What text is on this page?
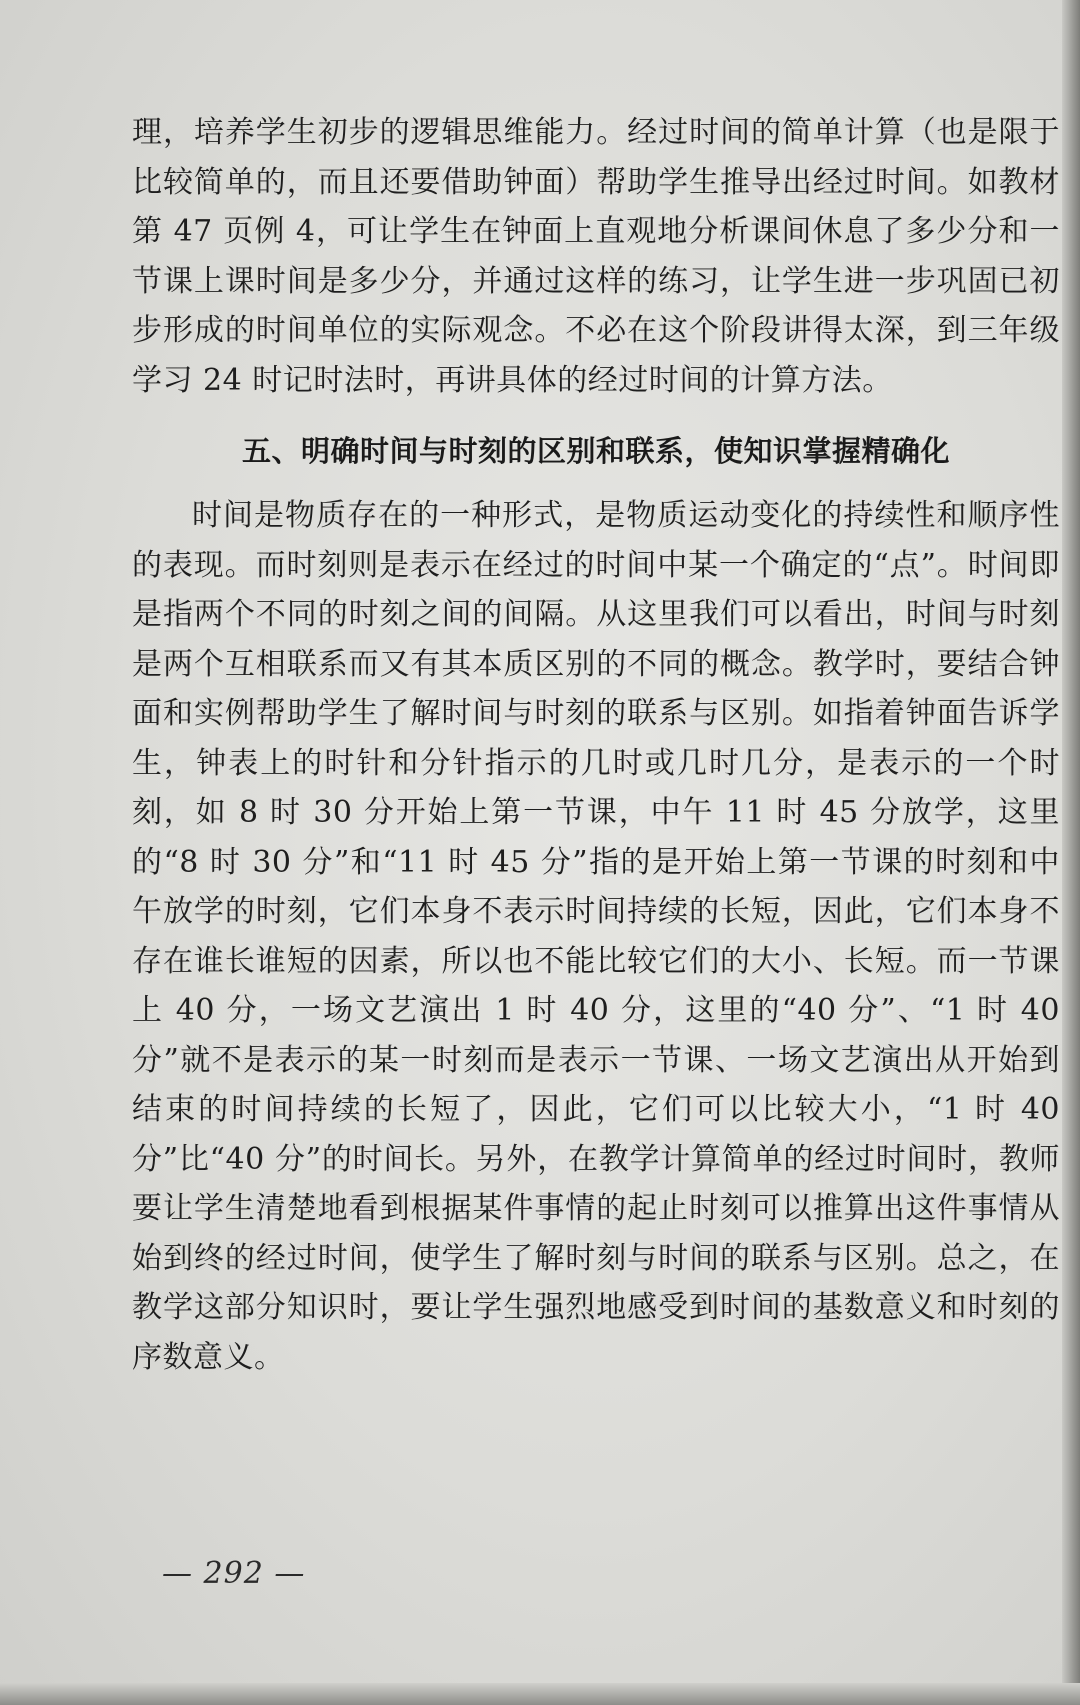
理，培养学生初步的逻辑思维能力。经过时间的简单计算（也是限于比较简单的，而且还要借助钟面）帮助学生推导出经过时间。如教材第 47 页例 4，可让学生在钟面上直观地分析课间休息了多少分和一节课上课时间是多少分，并通过这样的练习，让学生进一步巩固已初步形成的时间单位的实际观念。不必在这个阶段讲得太深，到三年级学习 24 时记时法时，再讲具体的经过时间的计算方法。

五、明确时间与时刻的区别和联系，使知识掌握精确化

时间是物质存在的一种形式，是物质运动变化的持续性和顺序性的表现。而时刻则是表示在经过的时间中某一个确定的“点”。时间即是指两个不同的时刻之间的间隔。从这里我们可以看出，时间与时刻是两个互相联系而又有其本质区别的不同的概念。教学时，要结合钟面和实例帮助学生了解时间与时刻的联系与区别。如指着钟面告诉学生，钟表上的时针和分针指示的几时或几时几分，是表示的一个时刻，如 8 时 30 分开始上第一节课，中午 11 时 45 分放学，这里的“8 时 30 分”和“11 时 45 分”指的是开始上第一节课的时刻和中午放学的时刻，它们本身不表示时间持续的长短，因此，它们本身不存在谁长谁短的因素，所以也不能比较它们的大小、长短。而一节课上 40 分，一场文艺演出 1 时 40 分，这里的“40 分”、“1 时 40 分”就不是表示的某一时刻而是表示一节课、一场文艺演出从开始到结束的时间持续的长短了，因此，它们可以比较大小，“1 时 40 分”比“40 分”的时间长。另外，在教学计算简单的经过时间时，教师要让学生清楚地看到根据某件事情的起止时刻可以推算出这件事情从始到终的经过时间，使学生了解时刻与时间的联系与区别。总之，在教学这部分知识时，要让学生强烈地感受到时间的基数意义和时刻的序数意义。

— 292 —
